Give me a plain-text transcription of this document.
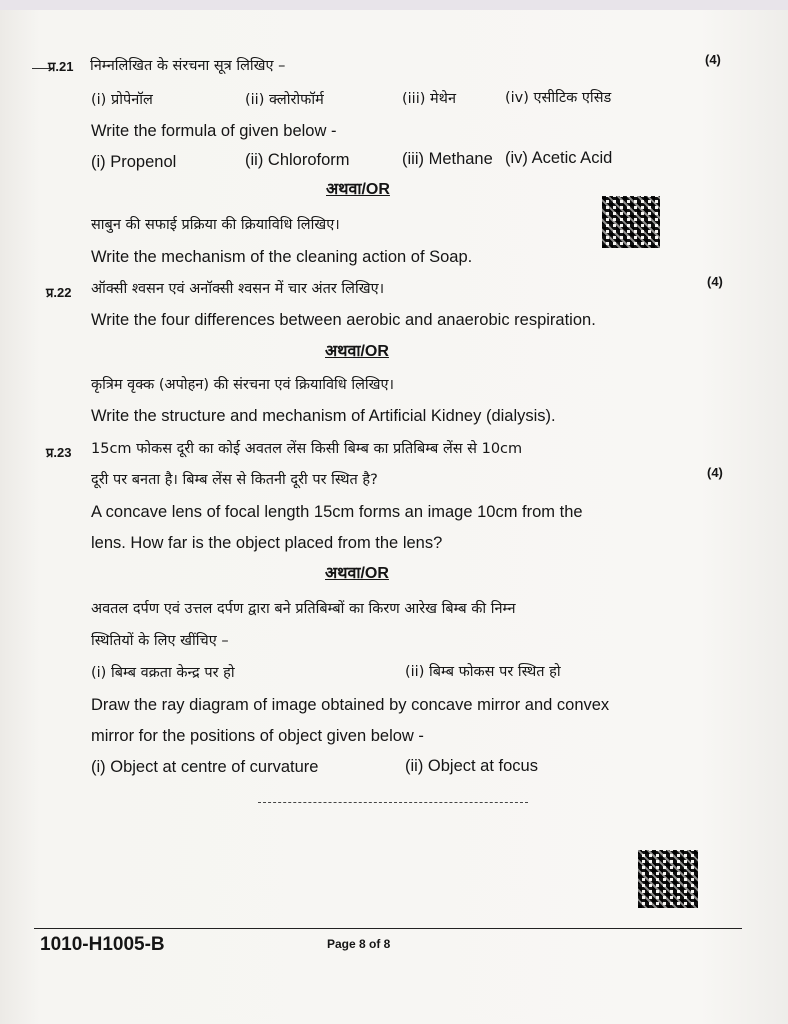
प्र.21 निम्नलिखित के संरचना सूत्र लिखिए –	(4)
(i) प्रोपेनॉल	(ii) क्लोरोफॉर्म	(iii) मेथेन	(iv) एसीटिक एसिड
Write the formula of given below -
(i) Propenol	(ii) Chloroform	(iii) Methane (iv) Acetic Acid
अथवा/OR
साबुन की सफाई प्रक्रिया की क्रियाविधि लिखिए।
Write the mechanism of the cleaning action of Soap.
प्र.22 ऑक्सी श्वसन एवं अनॉक्सी श्वसन में चार अंतर लिखिए।	(4)
Write the four differences between aerobic and anaerobic respiration.
अथवा/OR
कृत्रिम वृक्क (अपोहन) की संरचना एवं क्रियाविधि लिखिए।
Write the structure and mechanism of Artificial Kidney (dialysis).
प्र.23 15cm फोकस दूरी का कोई अवतल लेंस किसी बिम्ब का प्रतिबिम्ब लेंस से 10cm
दूरी पर बनता है। बिम्ब लेंस से कितनी दूरी पर स्थित है?	(4)
A concave lens of focal length 15cm forms an image 10cm from the
lens. How far is the object placed from the lens?
अथवा/OR
अवतल दर्पण एवं उत्तल दर्पण द्वारा बने प्रतिबिम्बों का किरण आरेख बिम्ब की निम्न
स्थितियों के लिए खींचिए –
(i) बिम्ब वक्रता केन्द्र पर हो	(ii) बिम्ब फोकस पर स्थित हो
Draw the ray diagram of image obtained by concave mirror and convex
mirror for the positions of object given below -
(i) Object at centre of curvature	(ii) Object at focus
1010-H1005-B	Page 8 of 8
